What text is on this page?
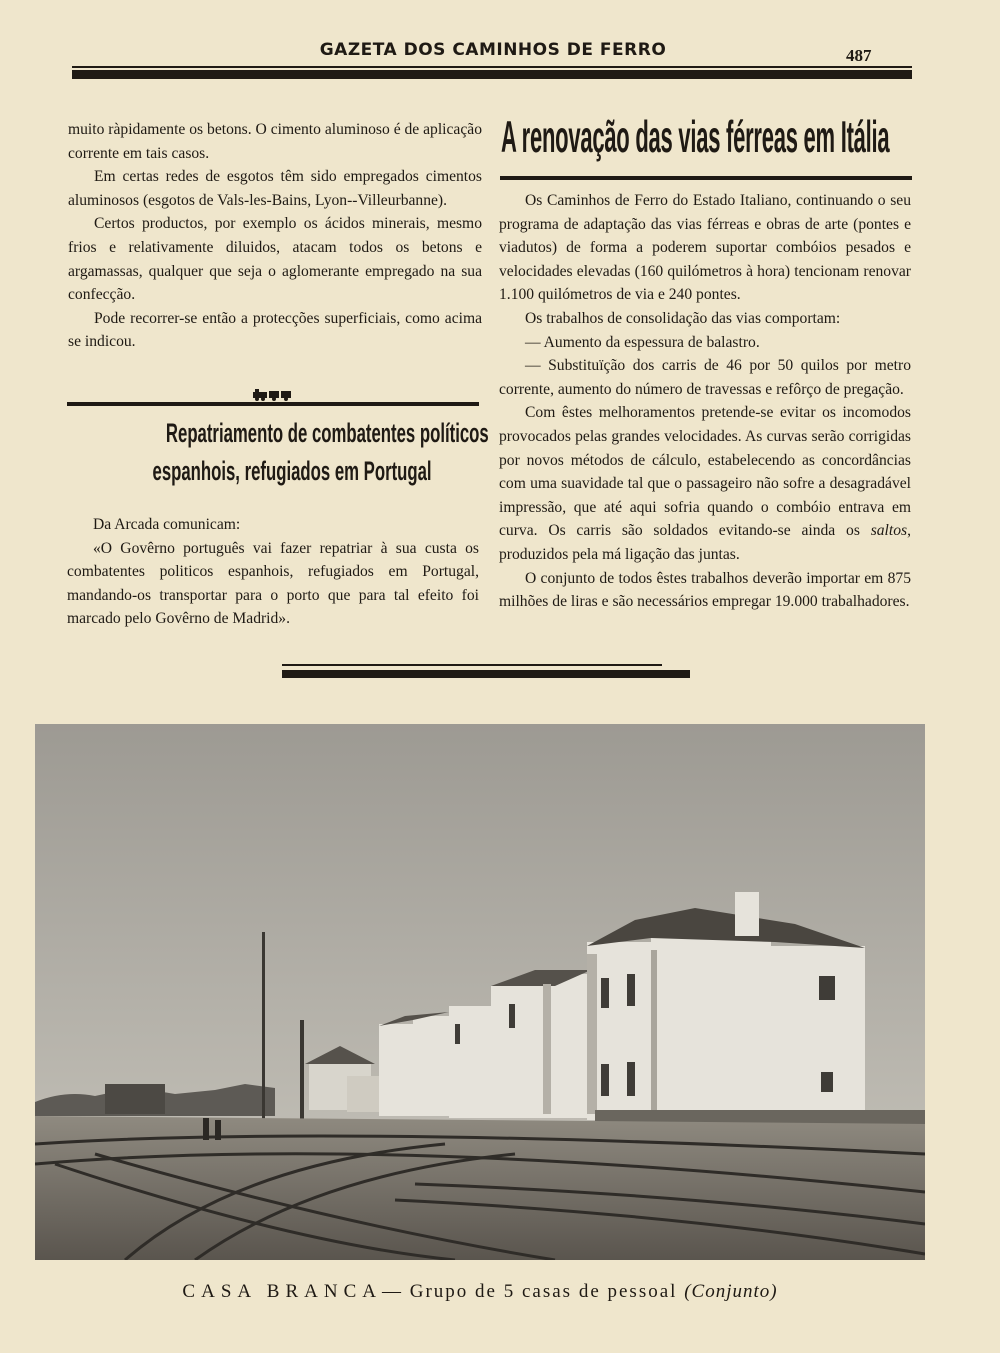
GAZETA DOS CAMINHOS DE FERRO	487

muito ràpidamente os betons. O cimento aluminoso é de aplicação corrente em tais casos.

Em certas redes de esgotos têm sido empregados cimentos aluminosos (esgotos de Vals-les-Bains, Lyon--Villeurbanne).

Certos productos, por exemplo os ácidos minerais, mesmo frios e relativamente diluidos, atacam todos os betons e argamassas, qualquer que seja o aglomerante empregado na sua confecção.

Pode recorrer-se então a protecções superficiais, como acima se indicou.

Repatriamento de combatentes políticos
espanhois, refugiados em Portugal

Da Arcada comunicam:

«O Govêrno português vai fazer repatriar à sua custa os combatentes politicos espanhois, refugiados em Portugal, mandando-os transportar para o porto que para tal efeito foi marcado pelo Govêrno de Madrid».

A renovação das vias férreas em Itália

Os Caminhos de Ferro do Estado Italiano, continuando o seu programa de adaptação das vias férreas e obras de arte (pontes e viadutos) de forma a poderem suportar combóios pesados e velocidades elevadas (160 quilómetros à hora) tencionam renovar 1.100 quilómetros de via e 240 pontes.

Os trabalhos de consolidação das vias comportam:

— Aumento da espessura de balastro.

— Substituïção dos carris de 46 por 50 quilos por metro corrente, aumento do número de travessas e refôrço de pregação.

Com êstes melhoramentos pretende-se evitar os incomodos provocados pelas grandes velocidades. As curvas serão corrigidas por novos métodos de cálculo, estabelecendo as concordâncias com uma suavidade tal que o passageiro não sofre a desagradável impressão, que até aqui sofria quando o combóio entrava em curva. Os carris são soldados evitando-se ainda os saltos, produzidos pela má ligação das juntas.

O conjunto de todos êstes trabalhos deverão importar em 875 milhões de liras e são necessários empregar 19.000 trabalhadores.

CASA BRANCA— Grupo de 5 casas de pessoal (Conjunto)
